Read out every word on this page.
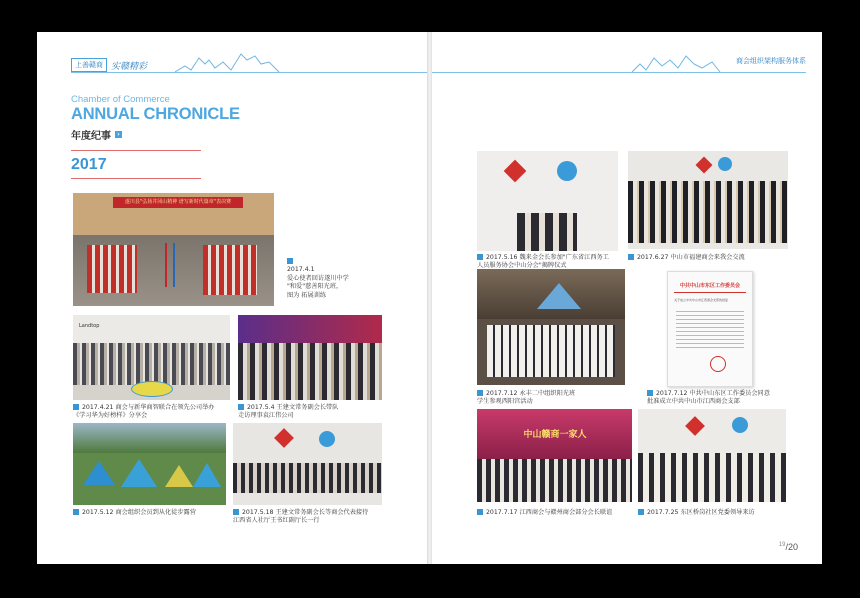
上善赣商 实赣精彩
Chamber of Commerce
ANNUAL CHRONICLE
年度纪事	›
2017
遂川县"弘扬井冈山精神 谱写新时代篇章"表决赛

2017.4.1
爱心使者回访遂川中学
"和爱"慈善阳光班，
图为 拓展训练
Landtop
2017.4.21 商会与新华商智联合在领先公司举办
《学习华为好榜样》分享会
2017.5.4 王建文常务副会长带队
走访理事袁江伟公司
2017.5.12 商会组织会员到从化徒步露营	2017.5.18 王建文常务副会长等商会代表接待
江西省人社厅王书红副厅长一行
商会组织架构服务体系
2017.5.16 魏来金会长参加"广东省江西务工
人员服务协会中山分会"揭牌仪式
2017.6.27 中山市福建商会来我会交流
2017.7.12 永丰二中组织阳光班
学生参观西阳宫活动
中共中山市东区工作委员会
关于成立中共中山市江西商会支部的批复
2017.7.12 中共中山东区工作委员会同意
批准成立中共中山市江西商会支部
中山赣商一家人
2017.7.17 江西商会与赣州商会部分会长联谊	2017.7.25 东区桥岗社区党委领导来访
$^{19}$/20
